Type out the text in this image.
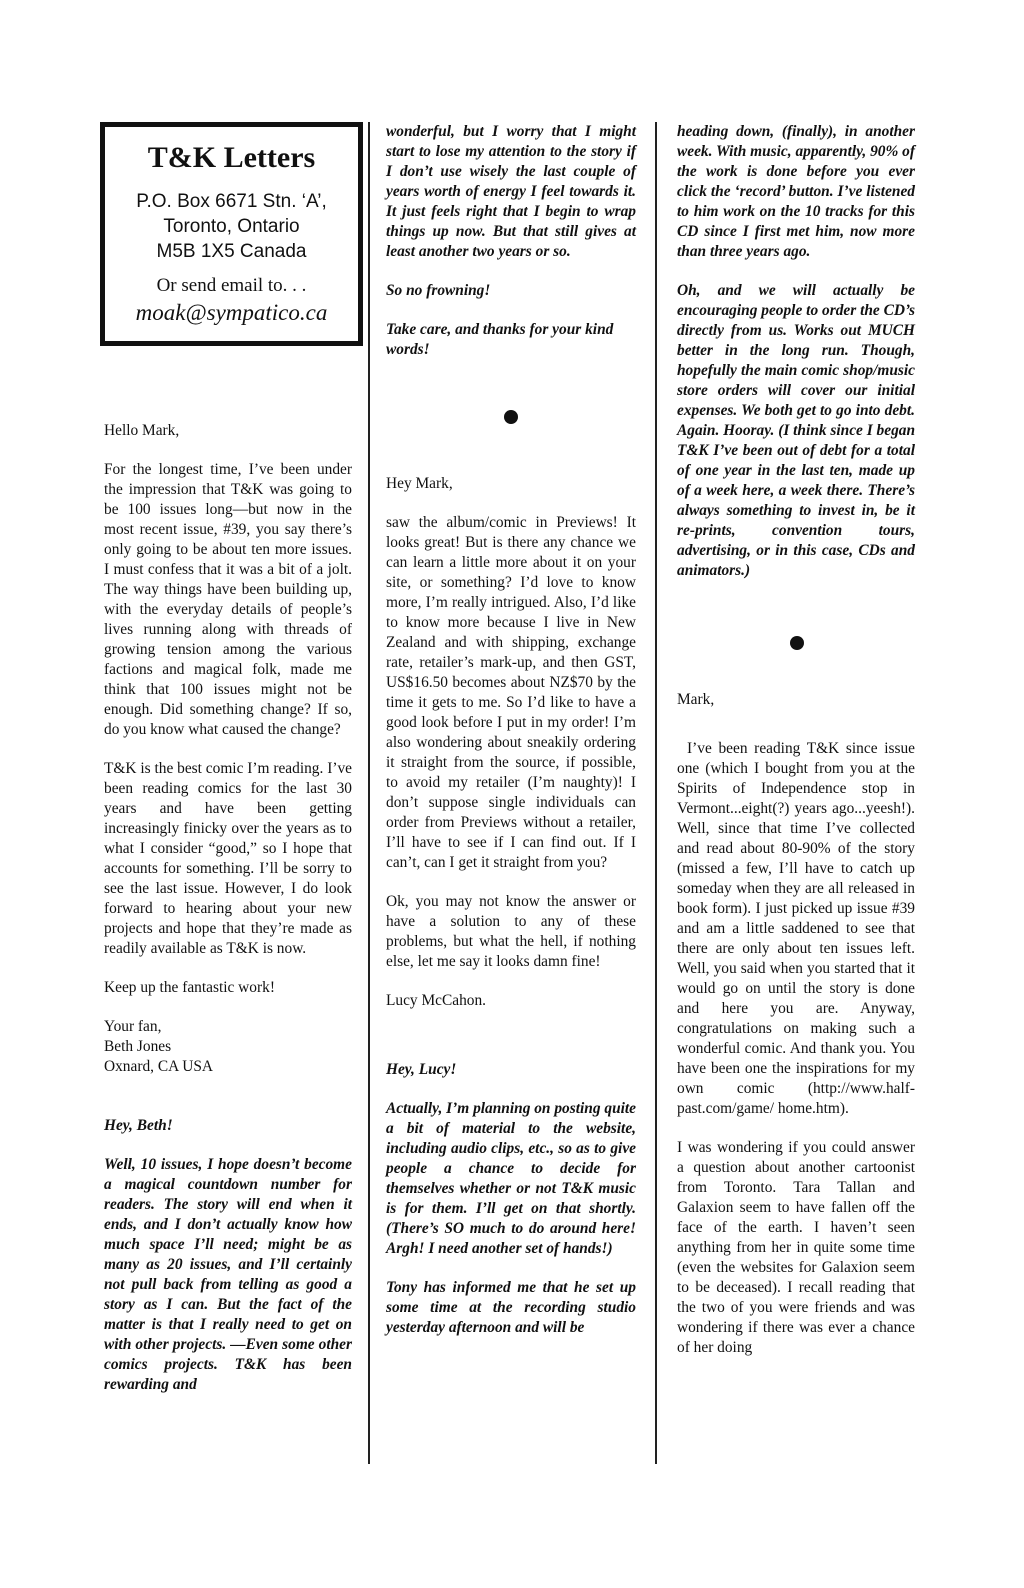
T&K Letters
P.O. Box 6671 Stn. ‘A’,
Toronto, Ontario
M5B 1X5 Canada
Or send email to. . .
moak@sympatico.ca

Hello Mark,

For the longest time, I’ve been under the impression that T&K was going to be 100 issues long—but now in the most recent issue, #39, you say there’s only going to be about ten more issues. I must confess that it was a bit of a jolt. The way things have been building up, with the everyday details of people’s lives running along with threads of growing tension among the various factions and magical folk, made me think that 100 issues might not be enough. Did something change? If so, do you know what caused the change?

T&K is the best comic I’m reading. I’ve been reading comics for the last 30 years and have been getting increasingly finicky over the years as to what I consider “good,” so I hope that accounts for something. I’ll be sorry to see the last issue. However, I do look forward to hearing about your new projects and hope that they’re made as readily available as T&K is now.

Keep up the fantastic work!

Your fan,

Beth Jones

Oxnard, CA USA

Hey, Beth!

Well, 10 issues, I hope doesn’t become a magical countdown number for readers. The story will end when it ends, and I don’t actually know how much space I’ll need; might be as many as 20 issues, and I’ll certainly not pull back from telling as good a story as I can. But the fact of the matter is that I really need to get on with other projects. —Even some other comics projects. T&K has been rewarding and

wonderful, but I worry that I might start to lose my attention to the story if I don’t use wisely the last couple of years worth of energy I feel towards it. It just feels right that I begin to wrap things up now. But that still gives at least another two years or so.

So no frowning!

Take care, and thanks for your kind words!

Hey Mark,

saw the album/comic in Previews! It looks great! But is there any chance we can learn a little more about it on your site, or something? I’d love to know more, I’m really intrigued. Also, I’d like to know more because I live in New Zealand and with shipping, exchange rate, retailer’s mark-up, and then GST, US$16.50 becomes about NZ$70 by the time it gets to me. So I’d like to have a good look before I put in my order! I’m also wondering about sneakily ordering it straight from the source, if possible, to avoid my retailer (I’m naughty)! I don’t suppose single individuals can order from Previews without a retailer, I’ll have to see if I can find out. If I can’t, can I get it straight from you?

Ok, you may not know the answer or have a solution to any of these problems, but what the hell, if nothing else, let me say it looks damn fine!

Lucy McCahon.

Hey, Lucy!

Actually, I’m planning on posting quite a bit of material to the website, including audio clips, etc., so as to give people a chance to decide for themselves whether or not T&K music is for them. I’ll get on that shortly. (There’s SO much to do around here! Argh! I need another set of hands!)

Tony has informed me that he set up some time at the recording studio yesterday afternoon and will be

heading down, (finally), in another week. With music, apparently, 90% of the work is done before you ever click the ‘record’ button. I’ve listened to him work on the 10 tracks for this CD since I first met him, now more than three years ago.

Oh, and we will actually be encouraging people to order the CD’s directly from us. Works out MUCH better in the long run. Though, hopefully the main comic shop/music store orders will cover our initial expenses. We both get to go into debt. Again. Hooray. (I think since I began T&K I’ve been out of debt for a total of one year in the last ten, made up of a week here, a week there. There’s always something to invest in, be it re-prints, convention tours, advertising, or in this case, CDs and animators.)

Mark,

I’ve been reading T&K since issue one (which I bought from you at the Spirits of Independence stop in Vermont...eight(?) years ago...yeesh!). Well, since that time I’ve collected and read about 80-90% of the story (missed a few, I’ll have to catch up someday when they are all released in book form). I just picked up issue #39 and am a little saddened to see that there are only about ten issues left. Well, you said when you started that it would go on until the story is done and here you are. Anyway, congratulations on making such a wonderful comic. And thank you. You have been one the inspirations for my own comic (http://www.half-past.com/game/ home.htm).

I was wondering if you could answer a question about another cartoonist from Toronto. Tara Tallan and Galaxion seem to have fallen off the face of the earth. I haven’t seen anything from her in quite some time (even the websites for Galaxion seem to be deceased). I recall reading that the two of you were friends and was wondering if there was ever a chance of her doing
